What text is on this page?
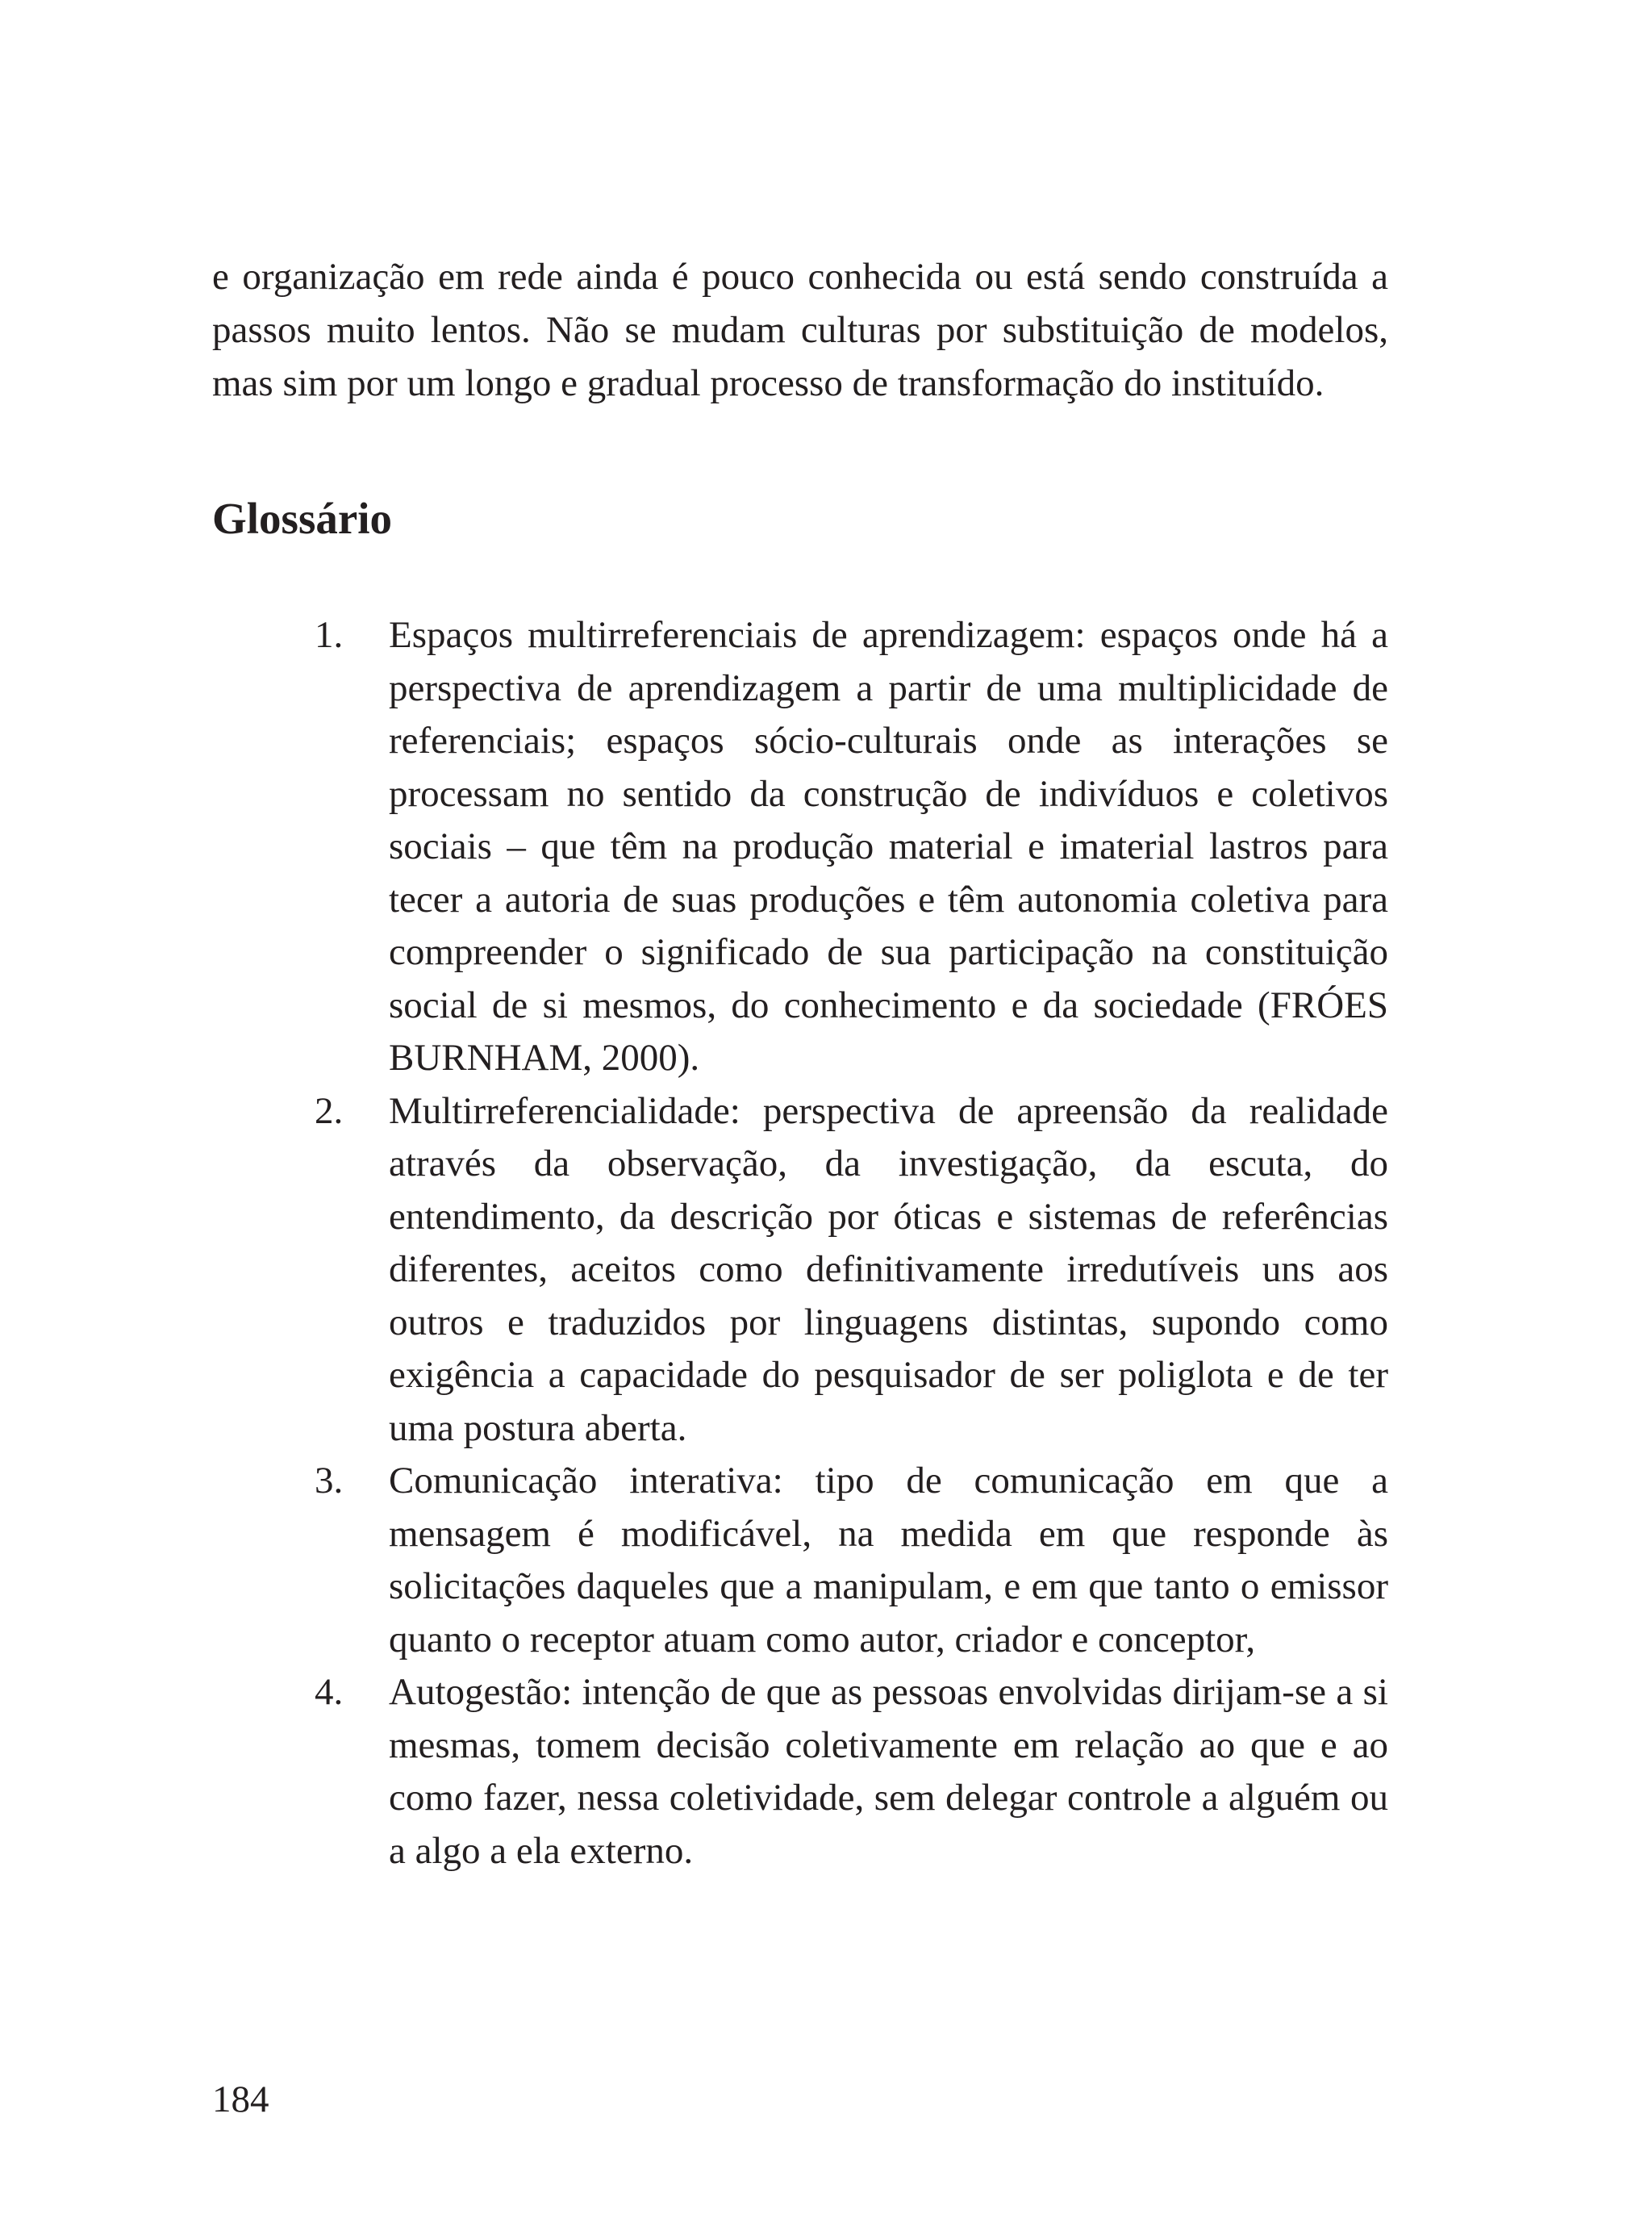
e organização em rede ainda é pouco conhecida ou está sendo construída a passos muito lentos. Não se mudam culturas por substituição de modelos, mas sim por um longo e gradual processo de transformação do instituído.

Glossário
1.	Espaços multirreferenciais de aprendizagem: espaços onde há a perspectiva de aprendizagem a partir de uma multiplicidade de referenciais; espaços sócio-culturais onde as interações se processam no sentido da construção de indivíduos e coletivos sociais – que têm na produção material e imaterial lastros para tecer a autoria de suas produções e têm autonomia coletiva para compreender o significado de sua participação na constituição social de si mesmos, do conhecimento e da sociedade (FRÓES BURNHAM, 2000).
2.	Multirreferencialidade: perspectiva de apreensão da realidade através da observação, da investigação, da escuta, do entendimento, da descrição por óticas e sistemas de referências diferentes, aceitos como definitivamente irredutíveis uns aos outros e traduzidos por linguagens distintas, supondo como exigência a capacidade do pesquisador de ser poliglota e de ter uma postura aberta.
3.	Comunicação interativa: tipo de comunicação em que a mensagem é modificável, na medida em que responde às solicitações daqueles que a manipulam, e em que tanto o emissor quanto o receptor atuam como autor, criador e conceptor,
4.	Autogestão: intenção de que as pessoas envolvidas dirijam-se a si mesmas, tomem decisão coletivamente em relação ao que e ao como fazer, nessa coletividade, sem delegar controle a alguém ou a algo a ela externo.

184
